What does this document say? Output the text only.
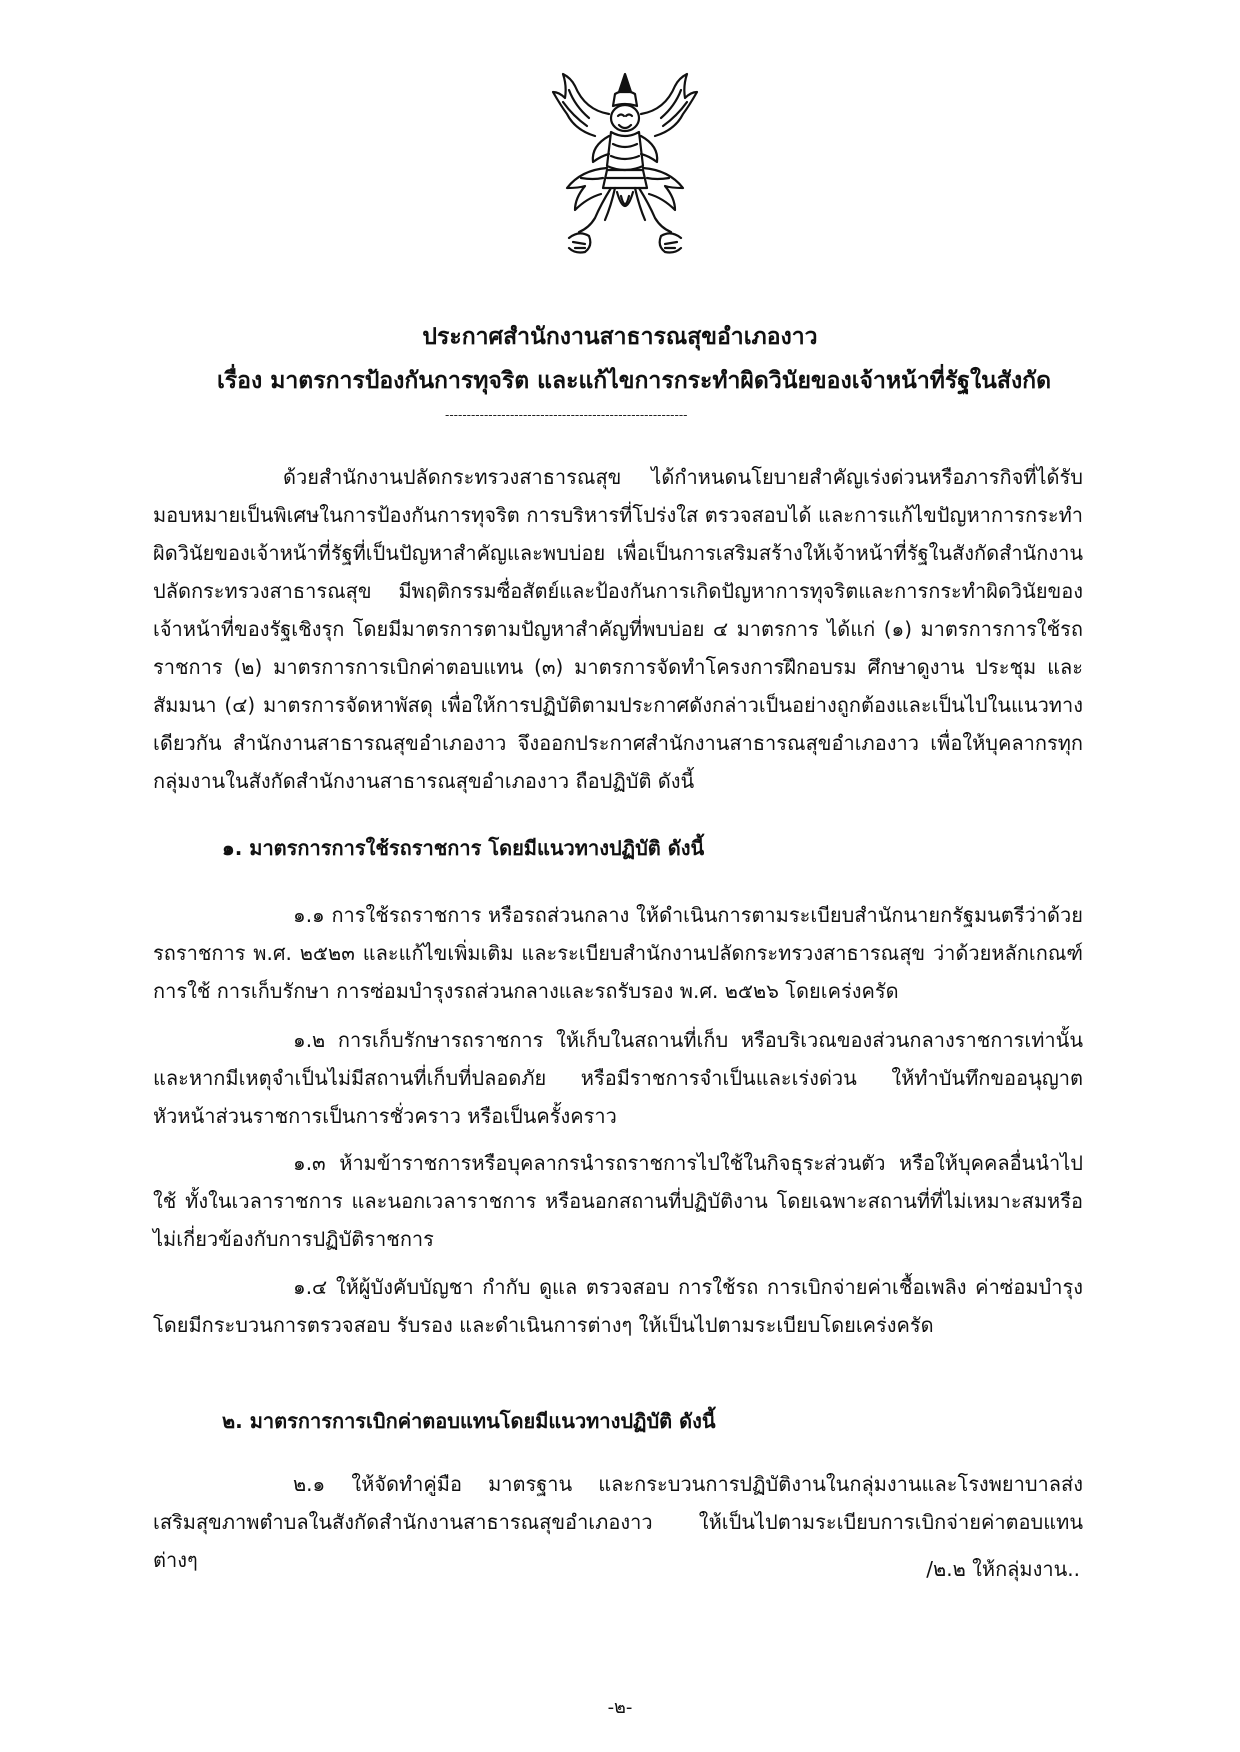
ประกาศสำนักงานสาธารณสุขอำเภองาว
เรื่อง มาตรการป้องกันการทุจริต และแก้ไขการกระทำผิดวินัยของเจ้าหน้าที่รัฐในสังกัด
--------------------------------------------------------

ด้วยสำนักงานปลัดกระทรวงสาธารณสุข ได้กำหนดนโยบายสำคัญเร่งด่วนหรือภารกิจที่ได้รับมอบหมายเป็นพิเศษในการป้องกันการทุจริต การบริหารที่โปร่งใส ตรวจสอบได้ และการแก้ไขปัญหาการกระทำผิดวินัยของเจ้าหน้าที่รัฐที่เป็นปัญหาสำคัญและพบบ่อย เพื่อเป็นการเสริมสร้างให้เจ้าหน้าที่รัฐในสังกัดสำนักงานปลัดกระทรวงสาธารณสุข มีพฤติกรรมซื่อสัตย์และป้องกันการเกิดปัญหาการทุจริตและการกระทำผิดวินัยของเจ้าหน้าที่ของรัฐเชิงรุก โดยมีมาตรการตามปัญหาสำคัญที่พบบ่อย ๔ มาตรการ ได้แก่ (๑) มาตรการการใช้รถราชการ (๒) มาตรการการเบิกค่าตอบแทน (๓) มาตรการจัดทำโครงการฝึกอบรม ศึกษาดูงาน ประชุม และสัมมนา (๔) มาตรการจัดหาพัสดุ เพื่อให้การปฏิบัติตามประกาศดังกล่าวเป็นอย่างถูกต้องและเป็นไปในแนวทางเดียวกัน สำนักงานสาธารณสุขอำเภองาว จึงออกประกาศสำนักงานสาธารณสุขอำเภองาว เพื่อให้บุคลากรทุกกลุ่มงานในสังกัดสำนักงานสาธารณสุขอำเภองาว ถือปฏิบัติ ดังนี้

๑. มาตรการการใช้รถราชการ โดยมีแนวทางปฏิบัติ ดังนี้

๑.๑ การใช้รถราชการ หรือรถส่วนกลาง ให้ดำเนินการตามระเบียบสำนักนายกรัฐมนตรีว่าด้วยรถราชการ พ.ศ. ๒๕๒๓ และแก้ไขเพิ่มเติม และระเบียบสำนักงานปลัดกระทรวงสาธารณสุข ว่าด้วยหลักเกณฑ์การใช้ การเก็บรักษา การซ่อมบำรุงรถส่วนกลางและรถรับรอง พ.ศ. ๒๕๒๖ โดยเคร่งครัด

๑.๒ การเก็บรักษารถราชการ ให้เก็บในสถานที่เก็บ หรือบริเวณของส่วนกลางราชการเท่านั้นและหากมีเหตุจำเป็นไม่มีสถานที่เก็บที่ปลอดภัย หรือมีราชการจำเป็นและเร่งด่วน ให้ทำบันทึกขออนุญาตหัวหน้าส่วนราชการเป็นการชั่วคราว หรือเป็นครั้งคราว

๑.๓ ห้ามข้าราชการหรือบุคลากรนำรถราชการไปใช้ในกิจธุระส่วนตัว หรือให้บุคคลอื่นนำไปใช้ ทั้งในเวลาราชการ และนอกเวลาราชการ หรือนอกสถานที่ปฏิบัติงาน โดยเฉพาะสถานที่ที่ไม่เหมาะสมหรือไม่เกี่ยวข้องกับการปฏิบัติราชการ

๑.๔ ให้ผู้บังคับบัญชา กำกับ ดูแล ตรวจสอบ การใช้รถ การเบิกจ่ายค่าเชื้อเพลิง ค่าซ่อมบำรุงโดยมีกระบวนการตรวจสอบ รับรอง และดำเนินการต่างๆ ให้เป็นไปตามระเบียบโดยเคร่งครัด

๒. มาตรการการเบิกค่าตอบแทนโดยมีแนวทางปฏิบัติ ดังนี้

๒.๑ ให้จัดทำคู่มือ มาตรฐาน และกระบวนการปฏิบัติงานในกลุ่มงานและโรงพยาบาลส่งเสริมสุขภาพตำบลในสังกัดสำนักงานสาธารณสุขอำเภองาว ให้เป็นไปตามระเบียบการเบิกจ่ายค่าตอบแทนต่างๆ	/๒.๒ ให้กลุ่มงาน..
-๒-
